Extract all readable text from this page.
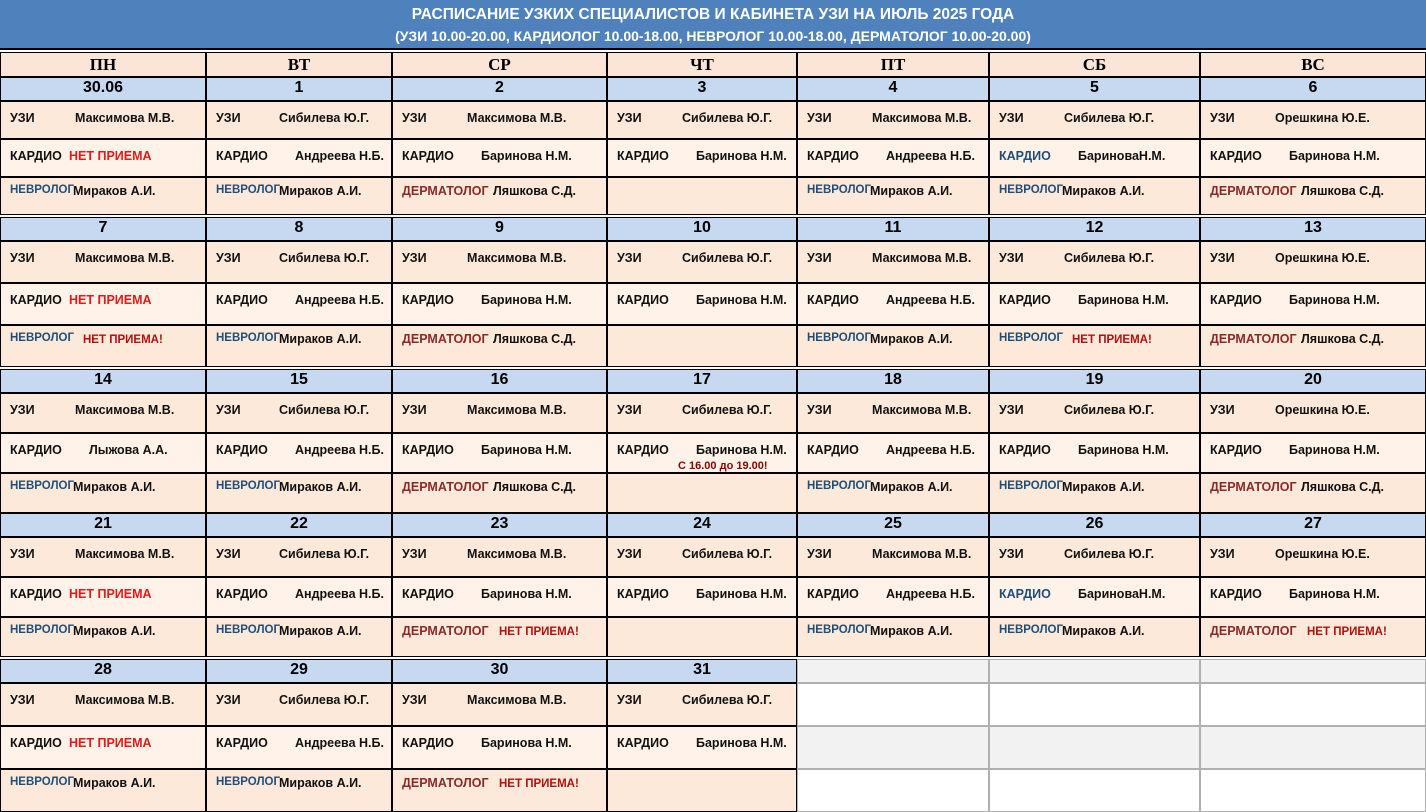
РАСПИСАНИЕ УЗКИХ СПЕЦИАЛИСТОВ И КАБИНЕТА УЗИ НА ИЮЛЬ 2025 ГОДА
(УЗИ 10.00-20.00, КАРДИОЛОГ 10.00-18.00, НЕВРОЛОГ 10.00-18.00, ДЕРМАТОЛОГ 10.00-20.00)
ПН	ВТ	СР	ЧТ	ПТ	СБ	ВС
30.06
УЗИ	Максимова М.В.
КАРДИО НЕТ ПРИЕМА
НЕВРОЛОГ Мираков А.И.
1
УЗИ	Сибилева Ю.Г.
КАРДИО Андреева Н.Б.
НЕВРОЛОГ Мираков А.И.
2
УЗИ	Максимова М.В.
КАРДИО Баринова Н.М.
ДЕРМАТОЛОГ Ляшкова С.Д.
3
УЗИ	Сибилева Ю.Г.
КАРДИО Баринова Н.М.
4
УЗИ	Максимова М.В.
КАРДИО Андреева Н.Б.
НЕВРОЛОГ Мираков А.И.
5
УЗИ	Сибилева Ю.Г.
КАРДИО БариноваН.М.
НЕВРОЛОГ Мираков А.И.
6
УЗИ	Орешкина Ю.Е.
КАРДИО Баринова Н.М.
ДЕРМАТОЛОГ Ляшкова С.Д.
7
УЗИ	Максимова М.В.
КАРДИО НЕТ ПРИЕМА
НЕВРОЛОГ НЕТ ПРИЕМА!
8
УЗИ	Сибилева Ю.Г.
КАРДИО Андреева Н.Б.
НЕВРОЛОГ Мираков А.И.
9
УЗИ	Максимова М.В.
КАРДИО Баринова Н.М.
ДЕРМАТОЛОГ Ляшкова С.Д.
10
УЗИ	Сибилева Ю.Г.
КАРДИО Баринова Н.М.
11
УЗИ	Максимова М.В.
КАРДИО Андреева Н.Б.
НЕВРОЛОГ Мираков А.И.
12
УЗИ	Сибилева Ю.Г.
КАРДИО Баринова Н.М.
НЕВРОЛОГ НЕТ ПРИЕМА!
13
УЗИ	Орешкина Ю.Е.
КАРДИО Баринова Н.М.
ДЕРМАТОЛОГ Ляшкова С.Д.
14
УЗИ	Максимова М.В.
КАРДИО Лыжова А.А.
НЕВРОЛОГ Мираков А.И.
15
УЗИ	Сибилева Ю.Г.
КАРДИО Андреева Н.Б.
НЕВРОЛОГ Мираков А.И.
16
УЗИ	Максимова М.В.
КАРДИО Баринова Н.М.
ДЕРМАТОЛОГ Ляшкова С.Д.
17
УЗИ	Сибилева Ю.Г.
КАРДИО Баринова Н.М.
С 16.00 до 19.00!
18
УЗИ	Максимова М.В.
КАРДИО Андреева Н.Б.
НЕВРОЛОГ Мираков А.И.
19
УЗИ	Сибилева Ю.Г.
КАРДИО Баринова Н.М.
НЕВРОЛОГ Мираков А.И.
20
УЗИ	Орешкина Ю.Е.
КАРДИО Баринова Н.М.
ДЕРМАТОЛОГ Ляшкова С.Д.
21
УЗИ	Максимова М.В.
КАРДИО НЕТ ПРИЕМА
НЕВРОЛОГ Мираков А.И.
22
УЗИ	Сибилева Ю.Г.
КАРДИО Андреева Н.Б.
НЕВРОЛОГ Мираков А.И.
23
УЗИ	Максимова М.В.
КАРДИО Баринова Н.М.
ДЕРМАТОЛОГ НЕТ ПРИЕМА!
24
УЗИ	Сибилева Ю.Г.
КАРДИО Баринова Н.М.
25
УЗИ	Максимова М.В.
КАРДИО Андреева Н.Б.
НЕВРОЛОГ Мираков А.И.
26
УЗИ	Сибилева Ю.Г.
КАРДИО БариноваН.М.
НЕВРОЛОГ Мираков А.И.
27
УЗИ	Орешкина Ю.Е.
КАРДИО Баринова Н.М.
ДЕРМАТОЛОГ НЕТ ПРИЕМА!
28
УЗИ	Максимова М.В.
КАРДИО НЕТ ПРИЕМА
НЕВРОЛОГ Мираков А.И.
29
УЗИ	Сибилева Ю.Г.
КАРДИО Андреева Н.Б.
НЕВРОЛОГ Мираков А.И.
30
УЗИ	Максимова М.В.
КАРДИО Баринова Н.М.
ДЕРМАТОЛОГ НЕТ ПРИЕМА!
31
УЗИ	Сибилева Ю.Г.
КАРДИО Баринова Н.М.
